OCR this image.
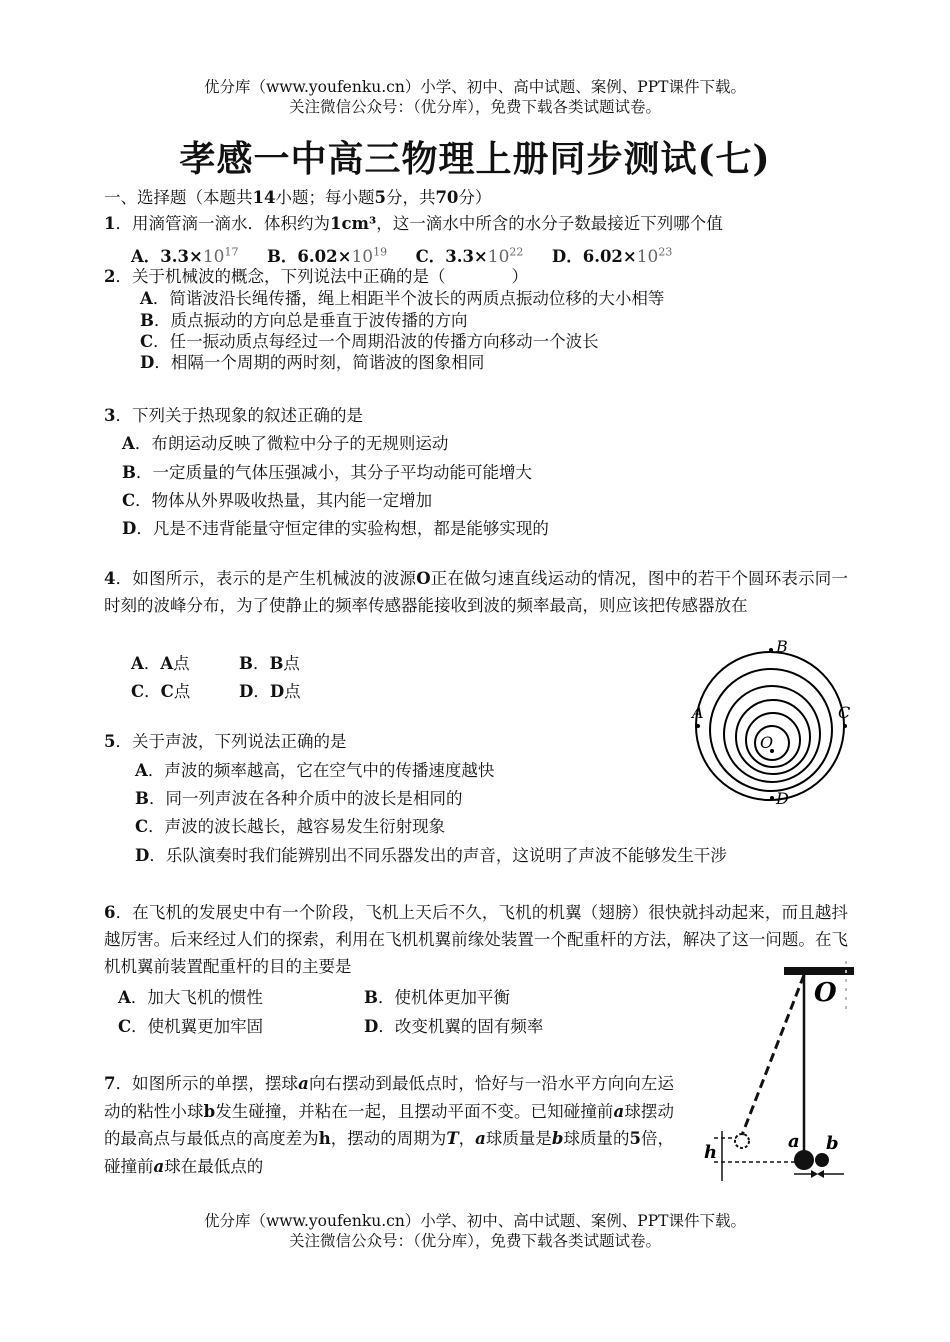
优分库（www.youfenku.cn）小学、初中、高中试题、案例、PPT课件下载。
关注微信公众号：（优分库），免费下载各类试题试卷。
孝感一中高三物理上册同步测试(七)
一、选择题（本题共14小题；每小题5分，共70分）
1．用滴管滴一滴水．体积约为1cm³，这一滴水中所含的水分子数最接近下列哪个值
A．$3.3\times 10^{17}$ B．$6.02\times 10^{19}$ C．$3.3\times 10^{22}$ D．$6.02\times 10^{23}$
2．关于机械波的概念，下列说法中正确的是（　　　　）
A．简谐波沿长绳传播，绳上相距半个波长的两质点振动位移的大小相等
B．质点振动的方向总是垂直于波传播的方向
C．任一振动质点每经过一个周期沿波的传播方向移动一个波长
D．相隔一个周期的两时刻，简谐波的图象相同
3．下列关于热现象的叙述正确的是
A．布朗运动反映了微粒中分子的无规则运动
B．一定质量的气体压强减小，其分子平均动能可能增大
C．物体从外界吸收热量，其内能一定增加
D．凡是不违背能量守恒定律的实验构想，都是能够实现的
4．如图所示，表示的是产生机械波的波源O正在做匀速直线运动的情况，图中的若干个圆环表示同一时刻的波峰分布，为了使静止的频率传感器能接收到波的频率最高，则应该把传感器放在
A．A点	B．B点
C．C点	D．D点
B
A	C
D
O
5．关于声波，下列说法正确的是
A．声波的频率越高，它在空气中的传播速度越快
B．同一列声波在各种介质中的波长是相同的
C．声波的波长越长，越容易发生衍射现象
D．乐队演奏时我们能辨别出不同乐器发出的声音，这说明了声波不能够发生干涉
6．在飞机的发展史中有一个阶段，飞机上天后不久，飞机的机翼（翅膀）很快就抖动起来，而且越抖越厉害。后来经过人们的探索，利用在飞机机翼前缘处装置一个配重杆的方法，解决了这一问题。在飞机机翼前装置配重杆的目的主要是
A．加大飞机的惯性	B．使机体更加平衡
C．使机翼更加牢固	D．改变机翼的固有频率
7．如图所示的单摆，摆球a向右摆动到最低点时，恰好与一沿水平方向向左运动的粘性小球b发生碰撞，并粘在一起，且摆动平面不变。已知碰撞前a球摆动的最高点与最低点的高度差为h，摆动的周期为T，a球质量是b球质量的5倍，碰撞前a球在最低点的
O
h
a b
优分库（www.youfenku.cn）小学、初中、高中试题、案例、PPT课件下载。
关注微信公众号：（优分库），免费下载各类试题试卷。
